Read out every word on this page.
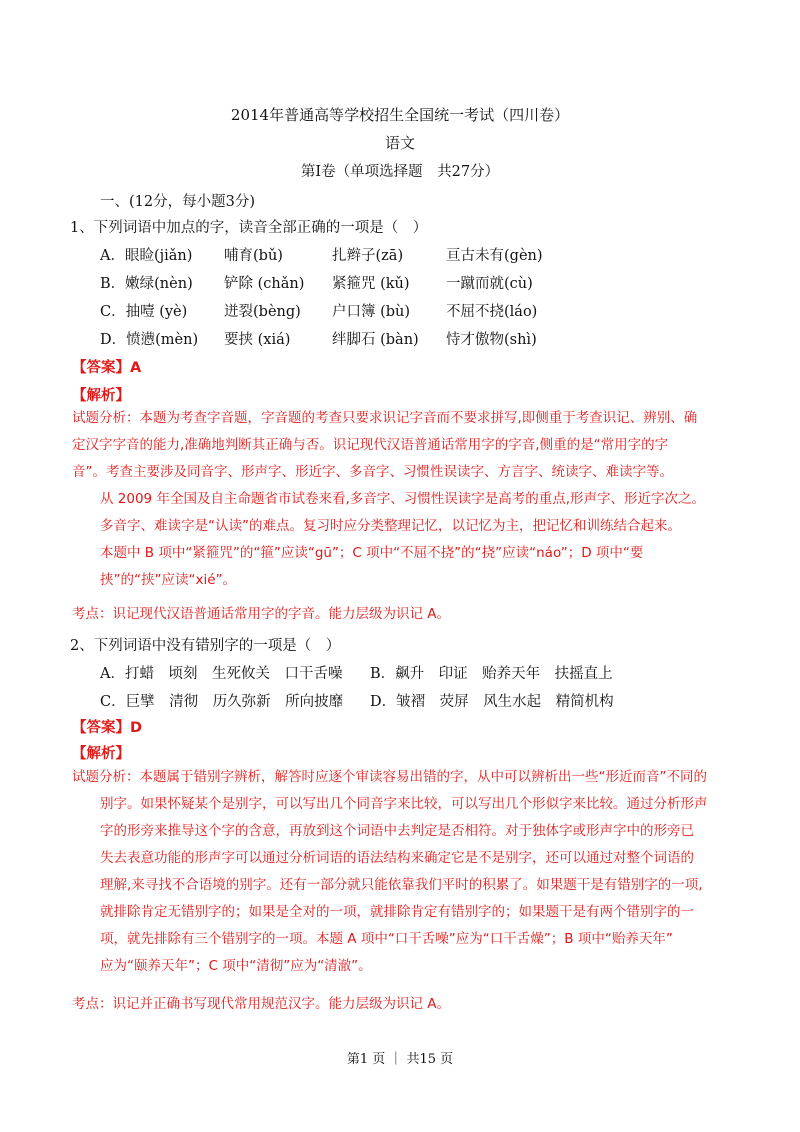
2014年普通高等学校招生全国统一考试（四川卷）
语文
第Ⅰ卷（单项选择题　共27分）
一、(12分，每小题3分)
1、下列词语中加点的字，读音全部正确的一项是（　）
A．眼睑(jiǎn) 哺育(bǔ)	扎辫子(zā)	亘古未有(gèn)
B．嫩绿(nèn) 铲除 (chǎn) 紧箍咒 (kǔ)	一蹴而就(cù)
C．抽噎 (yè)	迸裂(bèng) 户口簿 (bù) 不屈不挠(láo)
D．愤懑(mèn) 要挟 (xiá)	绊脚石 (bàn) 恃才傲物(shì)
【答案】A
【解析】

试题分析：本题为考查字音题，字音题的考查只要求识记字音而不要求拼写,即侧重于考查识记、辨别、确

定汉字字音的能力,准确地判断其正确与否。识记现代汉语普通话常用字的字音,侧重的是“常用字的字

音”。考查主要涉及同音字、形声字、形近字、多音字、习惯性误读字、方言字、统读字、难读字等。

从 2009 年全国及自主命题省市试卷来看,多音字、习惯性误读字是高考的重点,形声字、形近字次之。

多音字、难读字是“认读”的难点。复习时应分类整理记忆，以记忆为主，把记忆和训练结合起来。

本题中 B 项中“紧箍咒”的“箍”应读“gū”；C 项中“不屈不挠”的“挠”应读“náo”；D 项中“要

挟”的“挟”应读“xié”。

考点：识记现代汉语普通话常用字的字音。能力层级为识记 A。
2、下列词语中没有错别字的一项是（　）
A．打蜡　顷刻　生死攸关　口干舌噪 B．飙升　印证　贻养天年　扶摇直上
C．巨擘　清彻　历久弥新　所向披靡 D．皱褶　荧屏　风生水起　精简机构
【答案】D
【解析】

试题分析：本题属于错别字辨析，解答时应逐个审读容易出错的字，从中可以辨析出一些“形近而音”不同的

别字。如果怀疑某个是别字，可以写出几个同音字来比较，可以写出几个形似字来比较。通过分析形声

字的形旁来推导这个字的含意，再放到这个词语中去判定是否相符。对于独体字或形声字中的形旁已

失去表意功能的形声字可以通过分析词语的语法结构来确定它是不是别字，还可以通过对整个词语的

理解,来寻找不合语境的别字。还有一部分就只能依靠我们平时的积累了。如果题干是有错别字的一项,

就排除肯定无错别字的；如果是全对的一项，就排除肯定有错别字的；如果题干是有两个错别字的一

项，就先排除有三个错别字的一项。本题 A 项中“口干舌噪”应为“口干舌燥”；B 项中“贻养天年”

应为“颐养天年”；C 项中“清彻”应为“清澈”。

考点：识记并正确书写现代常用规范汉字。能力层级为识记 A。
第1 页 ｜ 共15 页
